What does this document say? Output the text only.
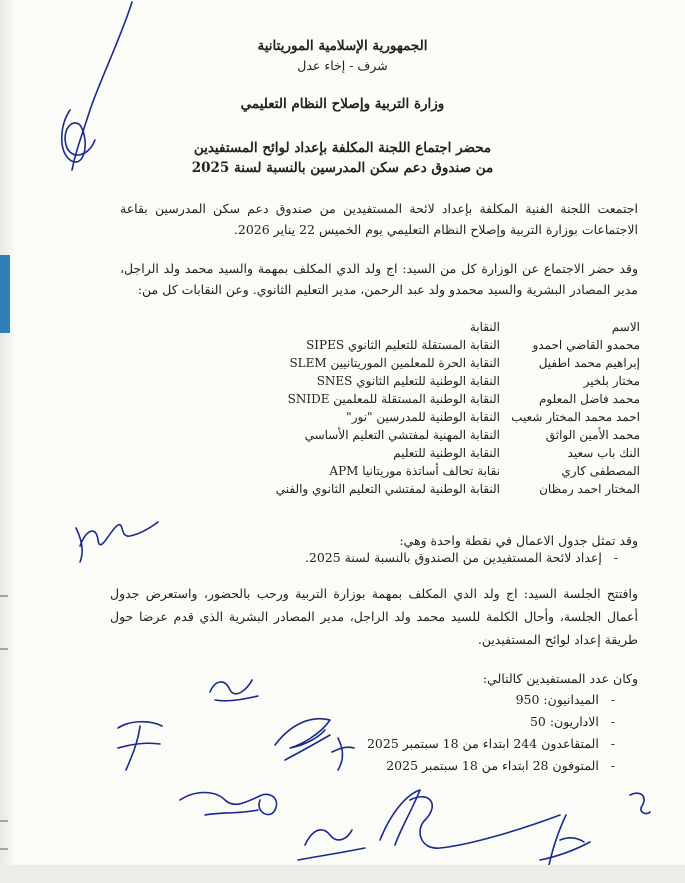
الجمهورية الإسلامية الموريتانية
شرف - إخاء عدل
وزارة التربية وإصلاح النظام التعليمي
محضر اجتماع اللجنة المكلفة بإعداد لوائح المستفيدين
من صندوق دعم سكن المدرسين بالنسبة لسنة 2025
اجتمعت اللجنة الفنية المكلفة بإعداد لائحة المستفيدين من صندوق دعم سكن المدرسين بقاعة الاجتماعات بوزارة التربية وإصلاح النظام التعليمي يوم الخميس 22 يناير 2026.
وقد حضر الاجتماع عن الوزارة كل من السيد: اج ولد الدي المكلف بمهمة والسيد محمد ولد الراجل، مدير المصادر البشرية والسيد محمدو ولد عبد الرحمن، مدير التعليم الثانوي. وعن النقابات كل من:
الاسم
النقابة
محمدو القاضي احمدو
النقابة المستقلة للتعليم الثانوي SIPES
إبراهيم محمد اطفيل
النقابة الحرة للمعلمين الموريتانيين SLEM
مختار بلخير
النقابة الوطنية للتعليم الثانوي SNES
محمد فاضل المعلوم
النقابة الوطنية المستقلة للمعلمين SNIDE
احمد محمد المختار شعيب
النقابة الوطنية للمدرسين "نور"
محمد الأمين الواثق
النقابة المهنية لمفتشي التعليم الأساسي
النك باب سعيد
النقابة الوطنية للتعليم
المصطفى كاري
نقابة تحالف أساتذة موريتانيا APM
المختار احمد رمظان
النقابة الوطنية لمفتشي التعليم الثانوي والفني
وقد تمثل جدول الاعمال في نقطة واحدة وهي:
-   إعداد لائحة المستفيدين من الصندوق بالنسبة لسنة 2025.
وافتتح الجلسة السيد: اج ولد الدي المكلف بمهمة بوزارة التربية ورحب بالحضور، واستعرض جدول أعمال الجلسة، وأحال الكلمة للسيد محمد ولد الراجل، مدير المصادر البشرية الذي قدم عرضا حول طريقة إعداد لوائح المستفيدين.
وكان عدد المستفيدين كالتالي:
-   الميدانيون: 950
-   الاداريون: 50
-   المتقاعدون 244 ابتداء من 18 سبتمبر 2025
-   المتوفون 28 ابتداء من 18 سبتمبر 2025
